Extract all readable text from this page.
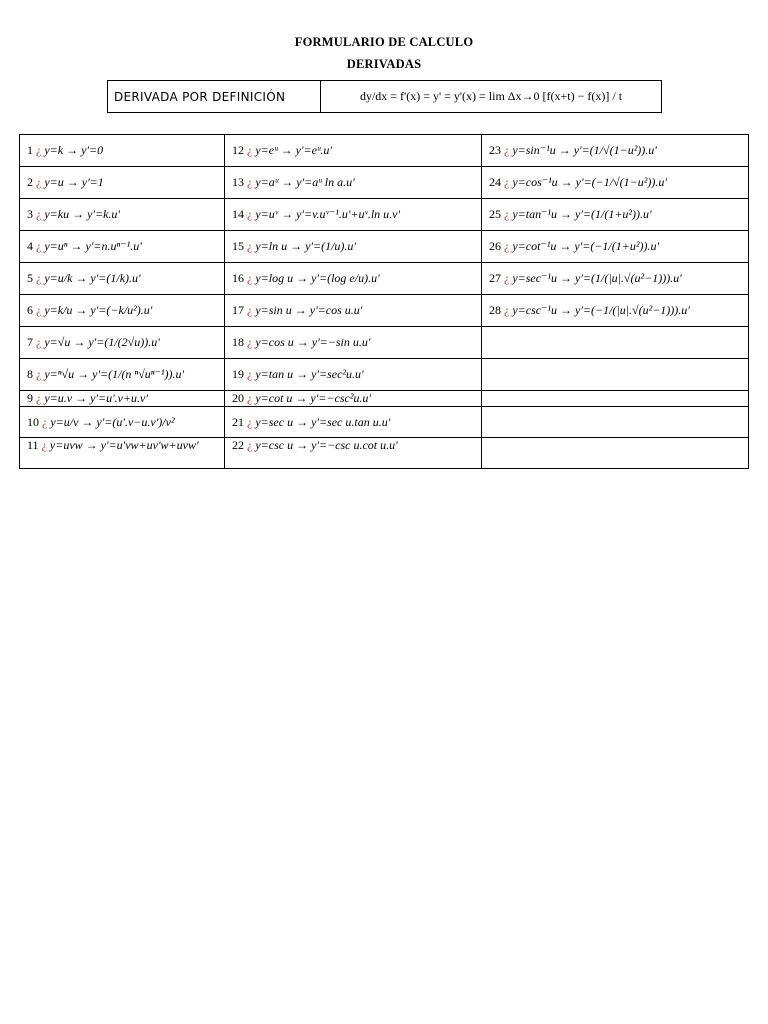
FORMULARIO DE CALCULO
DERIVADAS
DERIVADA POR DEFINICIÓN	dy/dx = f'(x) = y' = y'(x) = lim Δx→0 [f(x+t) − f(x)] / t
1 ¿ y=k → y'=0	12 ¿ y=eᵘ → y'=eᵘ.u'	23 ¿ y=sin⁻¹u → y'=(1/√(1−u²)).u'
2 ¿ y=u → y'=1	13 ¿ y=aᵘ → y'=aᵘ ln a.u'	24 ¿ y=cos⁻¹u → y'=(−1/√(1−u²)).u'
3 ¿ y=ku → y'=k.u'	14 ¿ y=uᵛ → y'=v.uᵛ⁻¹.u'+uᵛ.ln u.v'	25 ¿ y=tan⁻¹u → y'=(1/(1+u²)).u'
4 ¿ y=uⁿ → y'=n.uⁿ⁻¹.u'	15 ¿ y=ln u → y'=(1/u).u'	26 ¿ y=cot⁻¹u → y'=(−1/(1+u²)).u'
5 ¿ y=u/k → y'=(1/k).u'	16 ¿ y=log u → y'=(log e/u).u'	27 ¿ y=sec⁻¹u → y'=(1/(|u|.√(u²−1))).u'
6 ¿ y=k/u → y'=(−k/u²).u'	17 ¿ y=sin u → y'=cos u.u'	28 ¿ y=csc⁻¹u → y'=(−1/(|u|.√(u²−1))).u'
7 ¿ y=√u → y'=(1/(2√u)).u'	18 ¿ y=cos u → y'=−sin u.u'	
8 ¿ y=ⁿ√u → y'=(1/(n ⁿ√uⁿ⁻¹)).u'	19 ¿ y=tan u → y'=sec²u.u'	
9 ¿ y=u.v → y'=u'.v+u.v'	20 ¿ y=cot u → y'=−csc²u.u'	
10 ¿ y=u/v → y'=(u'.v−u.v')/v²	21 ¿ y=sec u → y'=sec u.tan u.u'	
11 ¿ y=uvw → y'=u'vw+uv'w+uvw'	22 ¿ y=csc u → y'=−csc u.cot u.u'	
